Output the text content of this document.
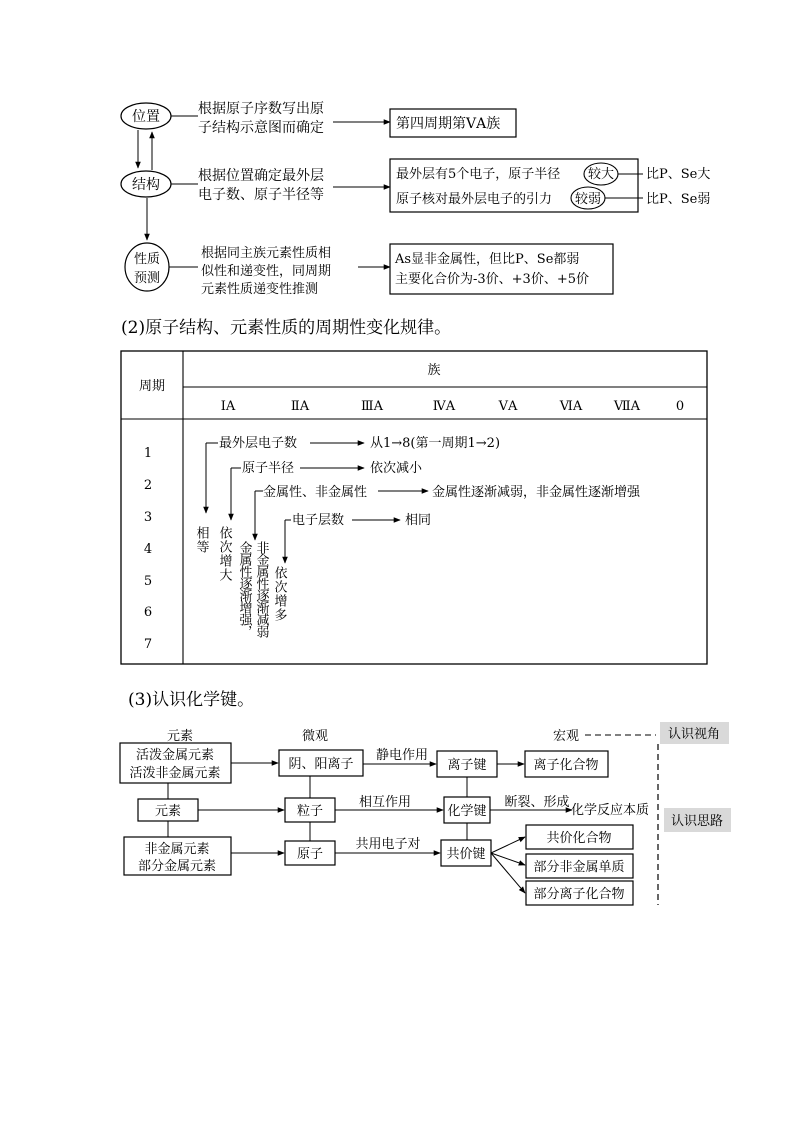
位置
结构
性质
预测
根据原子序数写出原
子结构示意图而确定	第四周期第ⅤA族
根据位置确定最外层
电子数、原子半径等
最外层有5个电子，原子半径 较大
原子核对最外层电子的引力 较弱
比P、Se大
比P、Se弱
根据同主族元素性质相
似性和递变性，同周期
元素性质递变性推测
As显非金属性，但比P、Se都弱
主要化合价为-3价、+3价、+5价
(2)原子结构、元素性质的周期性变化规律。
周期
族
ⅠA	ⅡA	ⅢA	ⅣA	ⅤA	ⅥA ⅦA	0
1
2
3
4
5
6
7
最外层电子数	从1→8(第一周期1→2)
原子半径	依次减小
金属性、非金属性	金属性逐渐减弱，非金属性逐渐增强
电子层数	相同
相等 依次增大 非金属性逐渐减弱
金属性逐渐增强， 依次增多
(3)认识化学键。
元素	微观	宏观	认识视角
认识思路
活泼金属元素
活泼非金属元素
元素
非金属元素
部分金属元素
阴、阳离子
粒子
原子
静电作用
相互作用
共用电子对
离子键
化学键
共价键
离子化合物
断裂、形成
化学反应本质
共价化合物
部分非金属单质
部分离子化合物
